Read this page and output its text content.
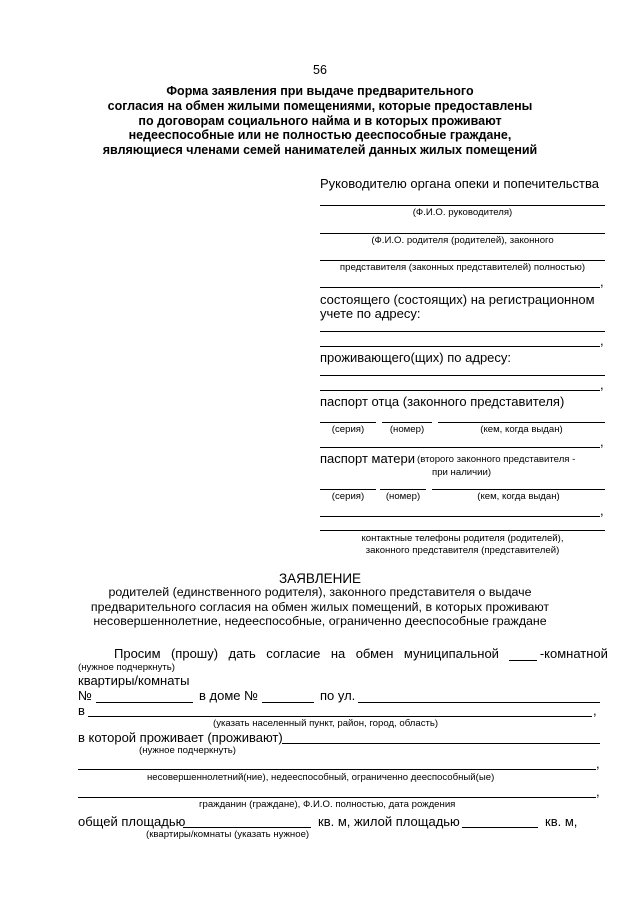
56
Форма заявления при выдаче предварительного
согласия на обмен жилыми помещениями, которые предоставлены
по договорам социального найма и в которых проживают
недееспособные или не полностью дееспособные граждане,
являющиеся членами семей нанимателей данных жилых помещений
Руководителю органа опеки и попечительства
(Ф.И.О. руководителя)
(Ф.И.О. родителя (родителей), законного
представителя (законных представителей) полностью)
,
состоящего (состоящих) на регистрационном
учете по адресу:
,
проживающего(щих) по адресу:
,
паспорт отца (законного представителя)
(серия)	(номер)	(кем, когда выдан)
,
паспорт матери (второго законного представителя -
при наличии)
(серия)	(номер)	(кем, когда выдан)
,
контактные телефоны родителя (родителей),
законного представителя (представителей)
ЗАЯВЛЕНИЕ
родителей (единственного родителя), законного представителя о выдаче
предварительного согласия на обмен жилых помещений, в которых проживают
несовершеннолетние, недееспособные, ограниченно дееспособные граждане
Просим (прошу) дать согласие на обмен муниципальной	-комнатной
(нужное подчеркнуть)
квартиры/комнаты
№	в доме №	по ул.
в	,
(указать населенный пункт, район, город, область)
в которой проживает (проживают)
(нужное подчеркнуть)
,
несовершеннолетний(ние), недееспособный, ограниченно дееспособный(ые)
,
гражданин (граждане), Ф.И.О. полностью, дата рождения
общей площадью	кв. м, жилой площадью	кв. м,
(квартиры/комнаты (указать нужное)
